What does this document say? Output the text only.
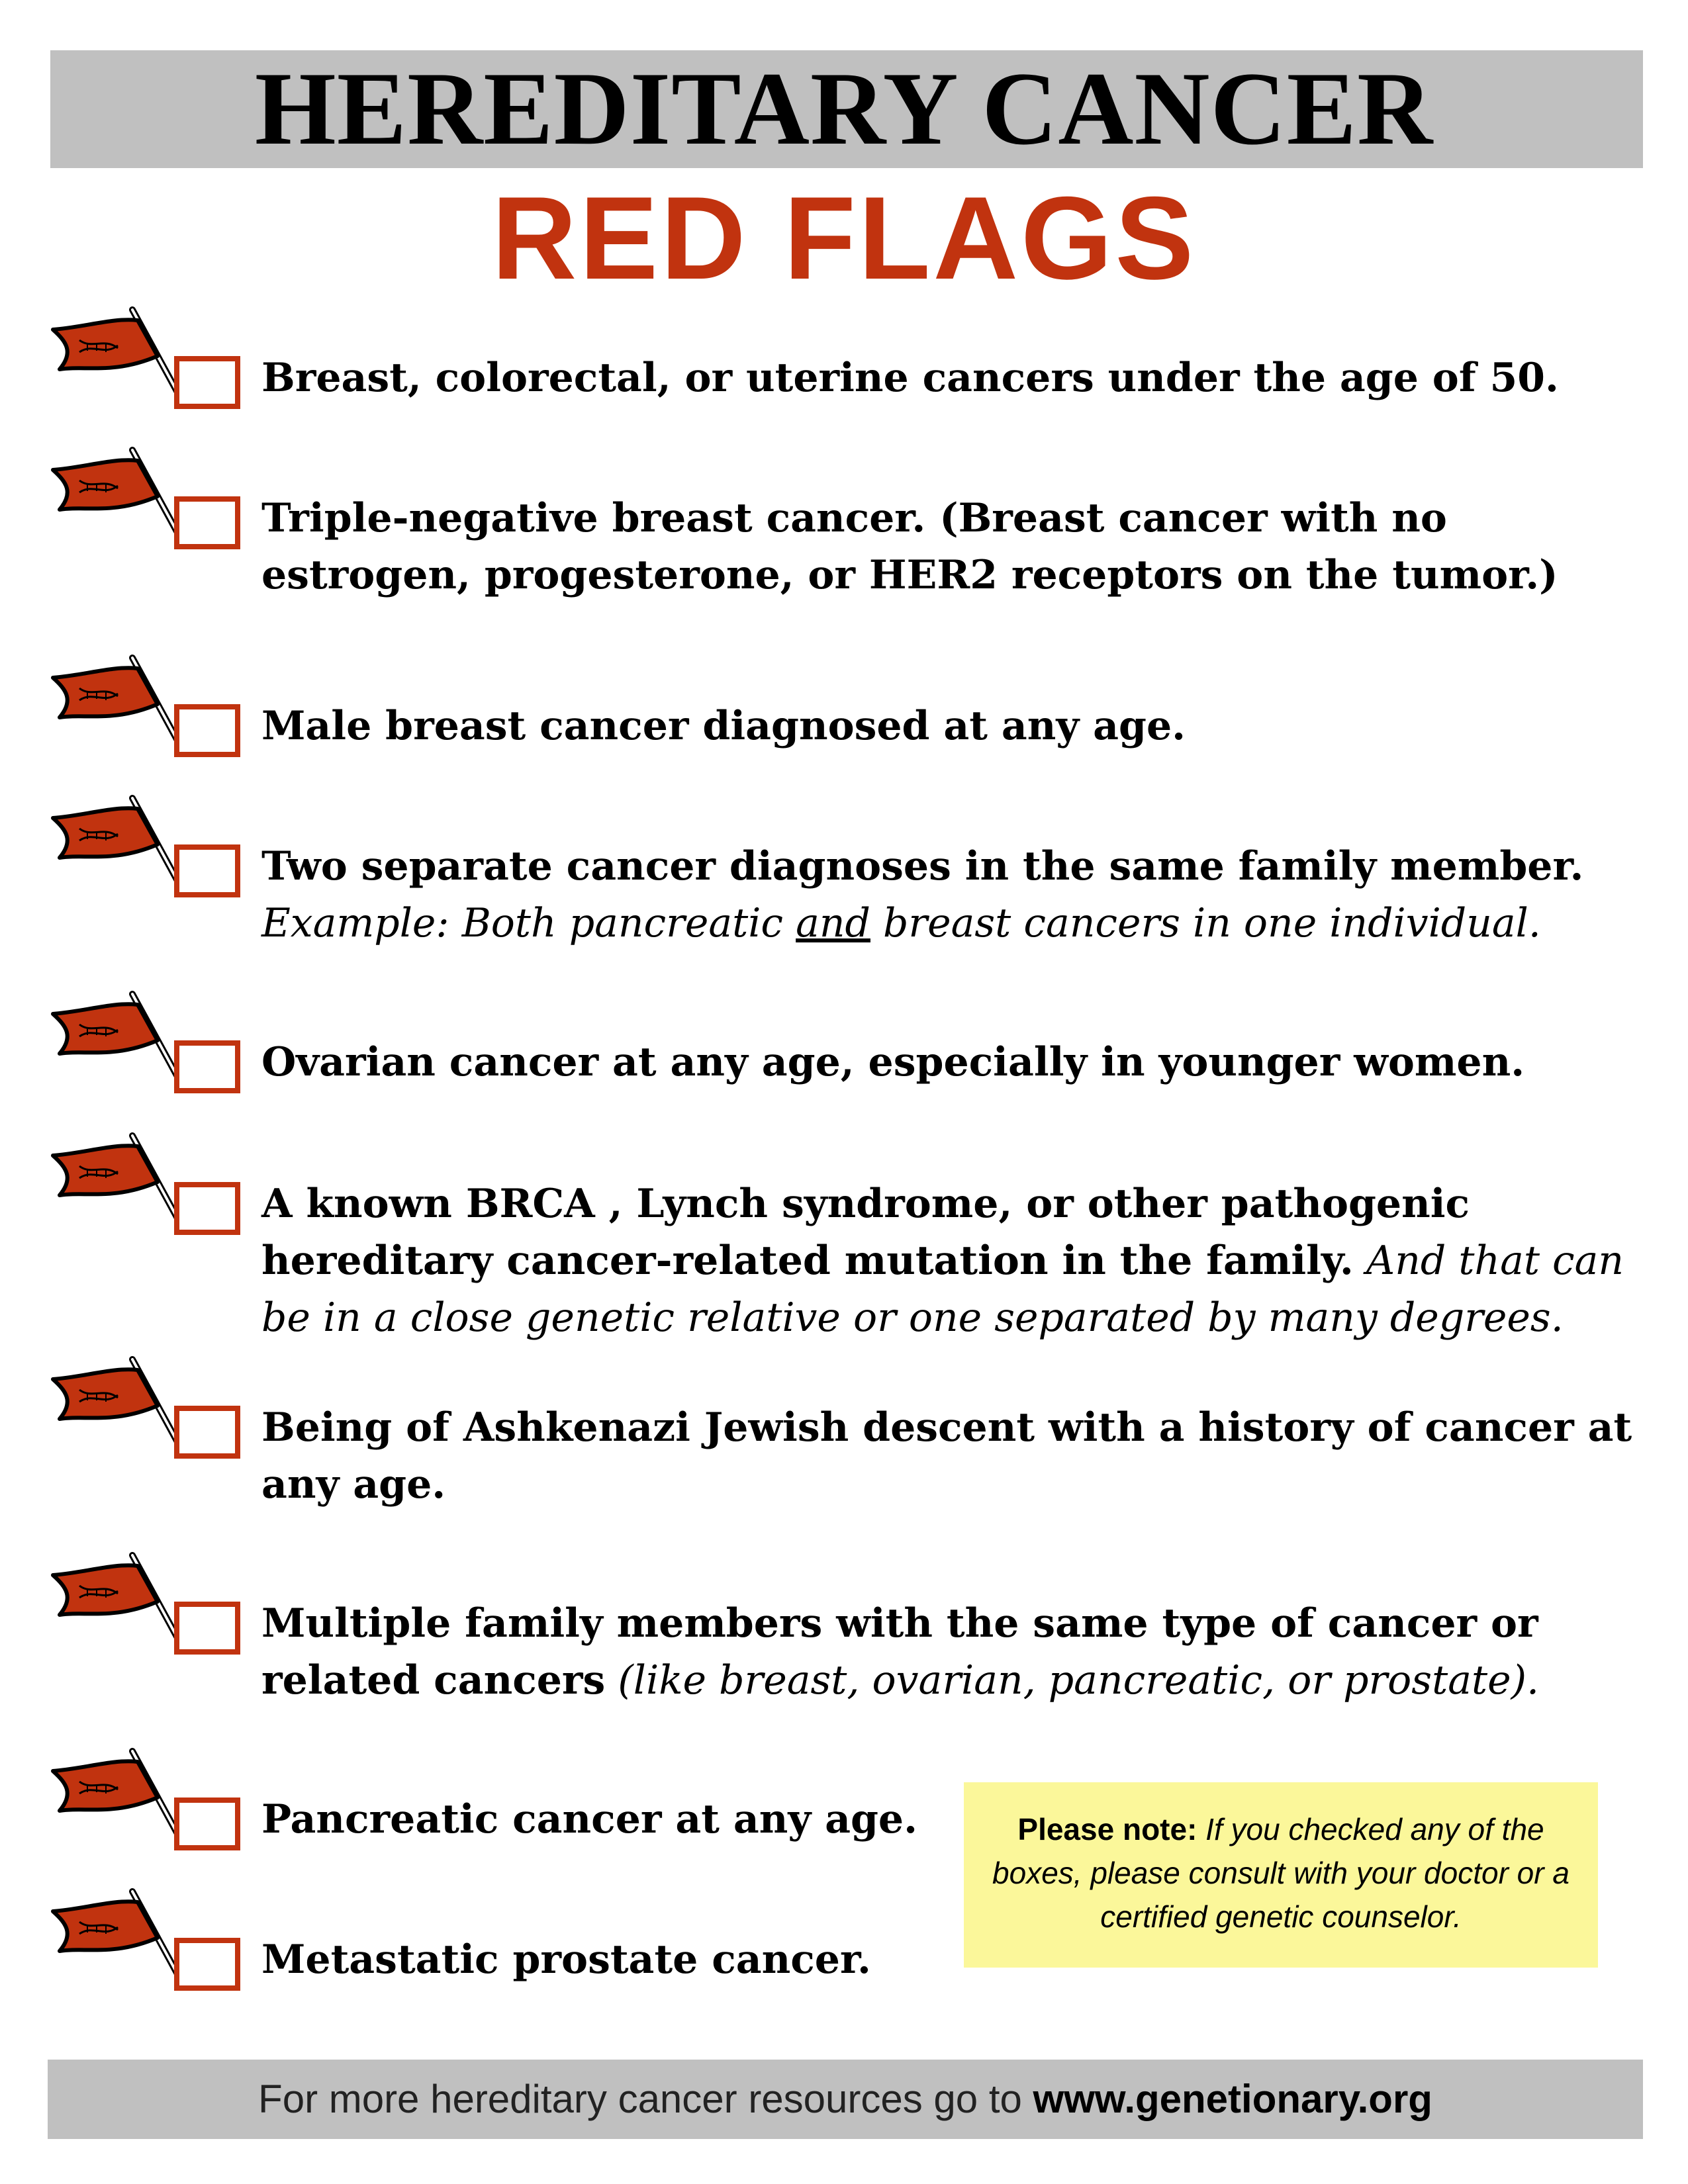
HEREDITARY CANCER
RED FLAGS
Breast, colorectal, or uterine cancers under the age of 50.
Triple-negative breast cancer. (Breast cancer with no estrogen, progesterone, or HER2 receptors on the tumor.)
Male breast cancer diagnosed at any age.
Two separate cancer diagnoses in the same family member.
Example: Both pancreatic and breast cancers in one individual.
Ovarian cancer at any age, especially in younger women.
A known BRCA , Lynch syndrome, or other pathogenic hereditary cancer-related mutation in the family. And that can be in a close genetic relative or one separated by many degrees.
Being of Ashkenazi Jewish descent with a history of cancer at any age.
Multiple family members with the same type of cancer or related cancers (like breast, ovarian, pancreatic, or prostate).
Pancreatic cancer at any age.
Metastatic prostate cancer.
Please note: If you checked any of the boxes, please consult with your doctor or a certified genetic counselor.
For more hereditary cancer resources go to www.genetionary.org
